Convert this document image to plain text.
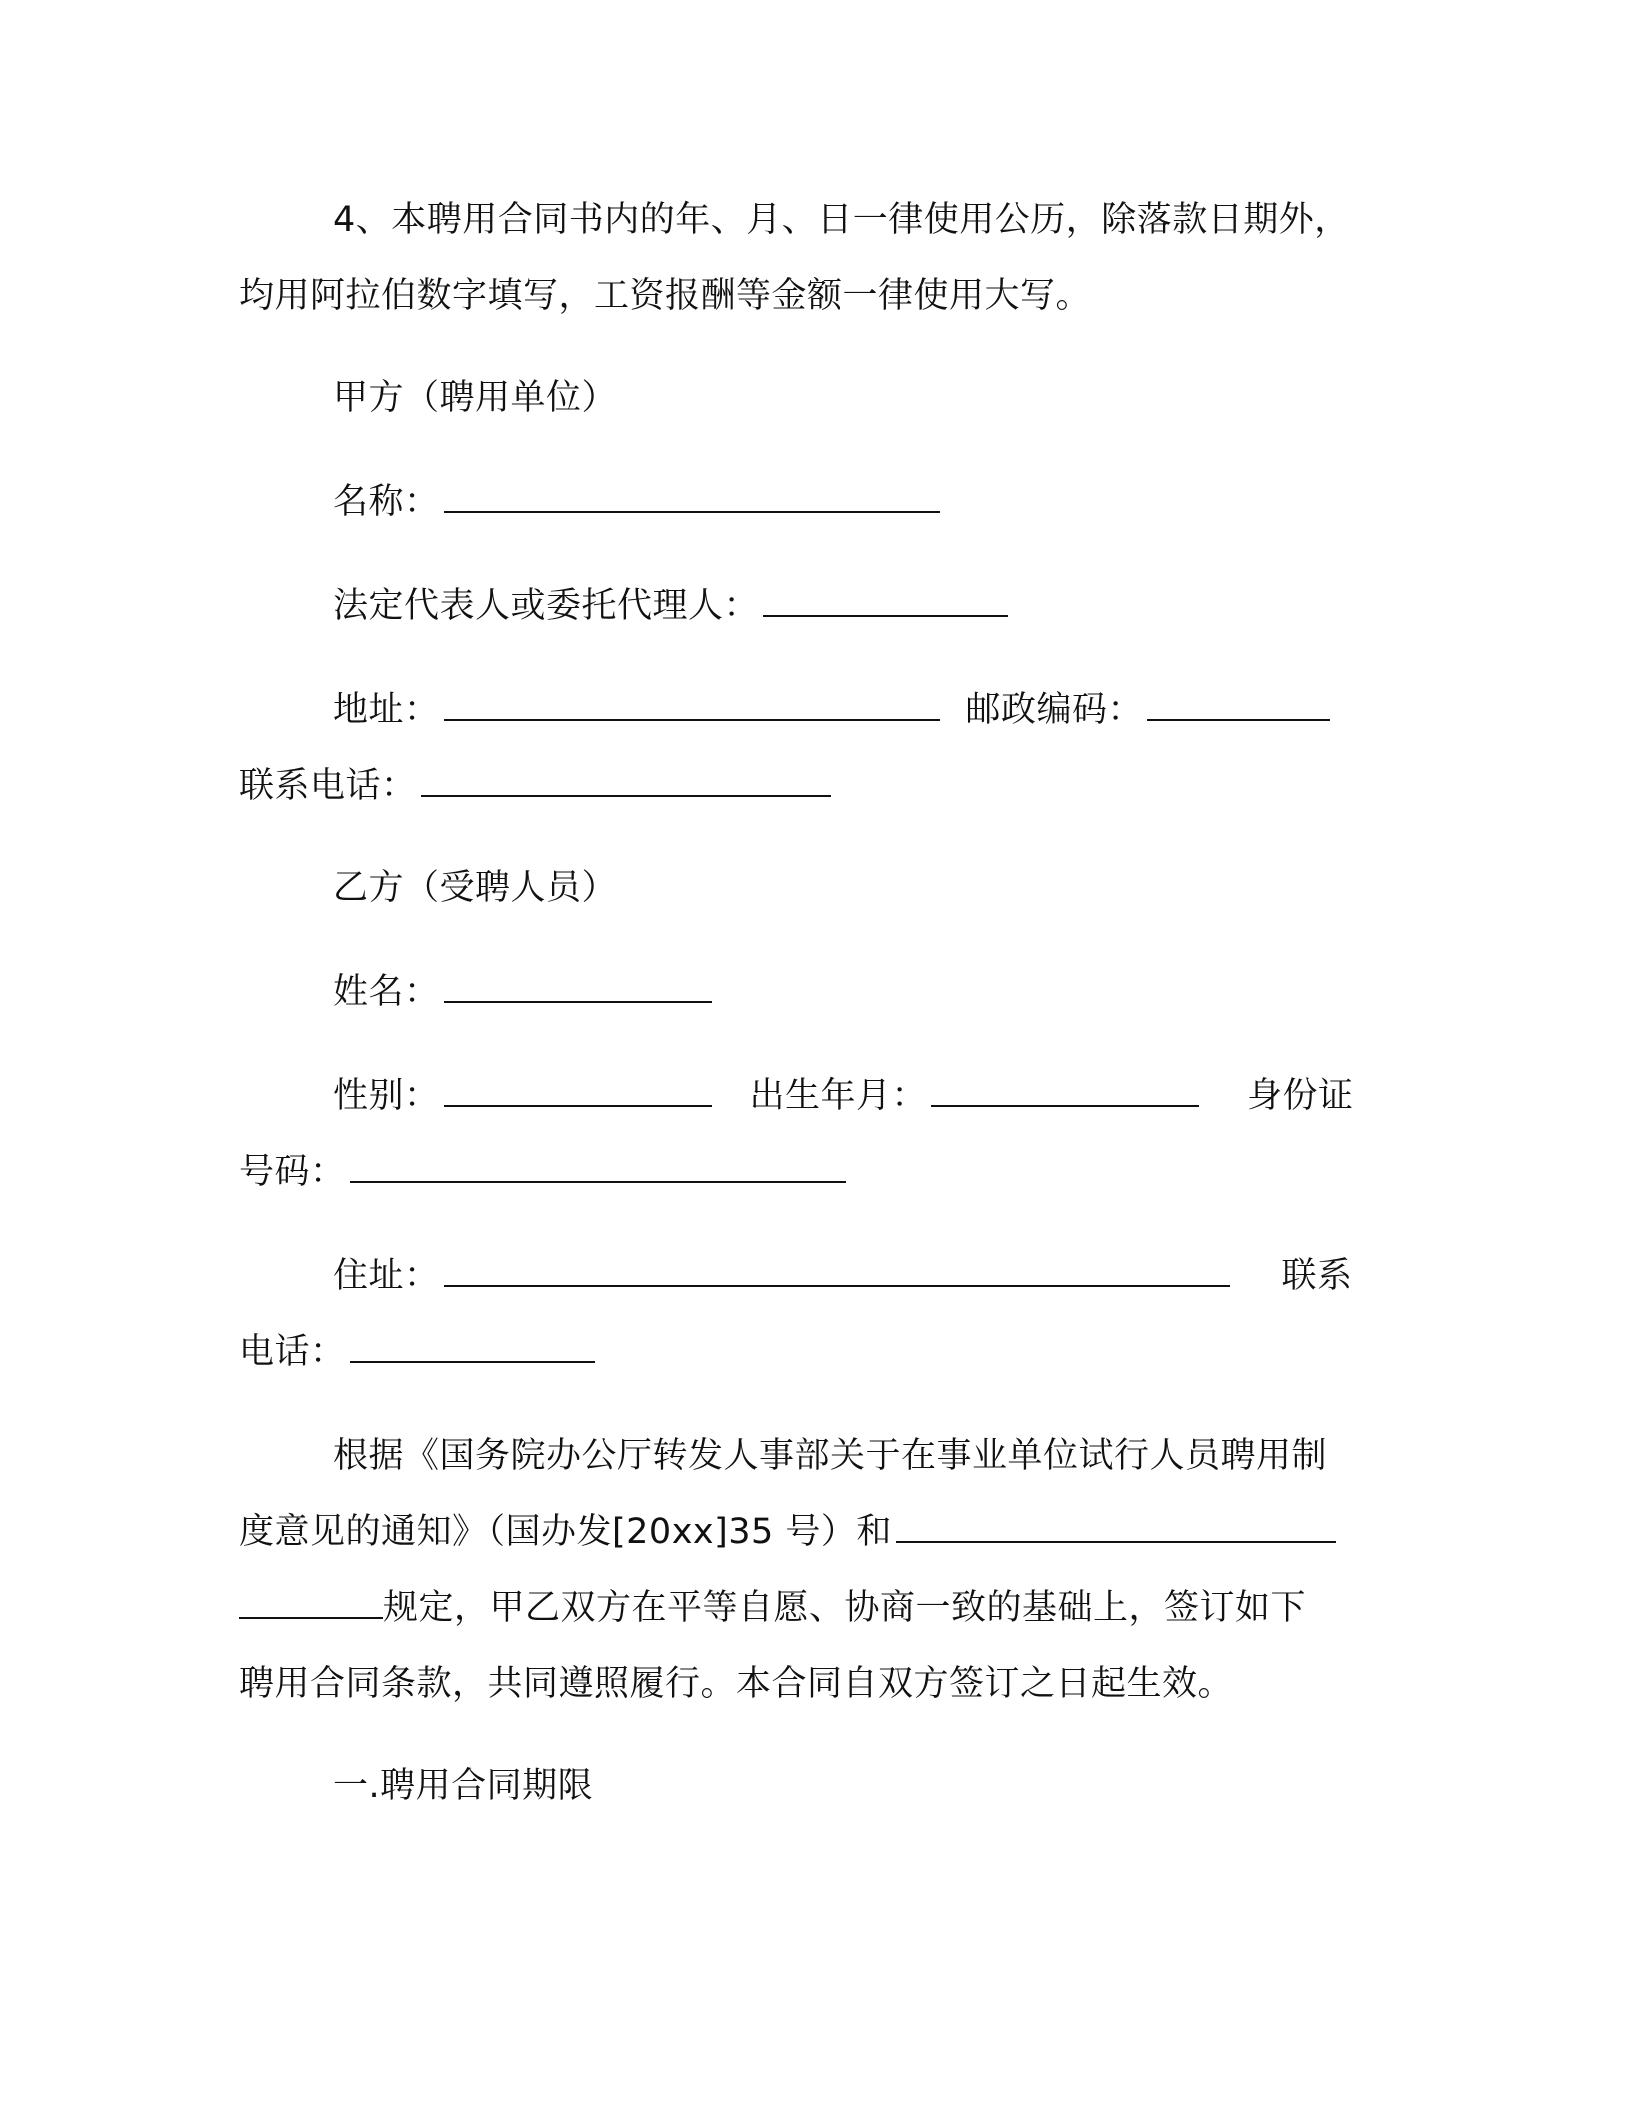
4、本聘用合同书内的年、月、日一律使用公历，除落款日期外，
均用阿拉伯数字填写，工资报酬等金额一律使用大写。
甲方（聘用单位）
名称：
法定代表人或委托代理人：
地址：	邮政编码：
联系电话：
乙方（受聘人员）
姓名：
性别：	出生年月：	身份证
号码：
住址：	联系
电话：
根据《国务院办公厅转发人事部关于在事业单位试行人员聘用制
度意见的通知》（国办发[20xx]35 号）和
规定，甲乙双方在平等自愿、协商一致的基础上，签订如下
聘用合同条款，共同遵照履行。本合同自双方签订之日起生效。
一.聘用合同期限
